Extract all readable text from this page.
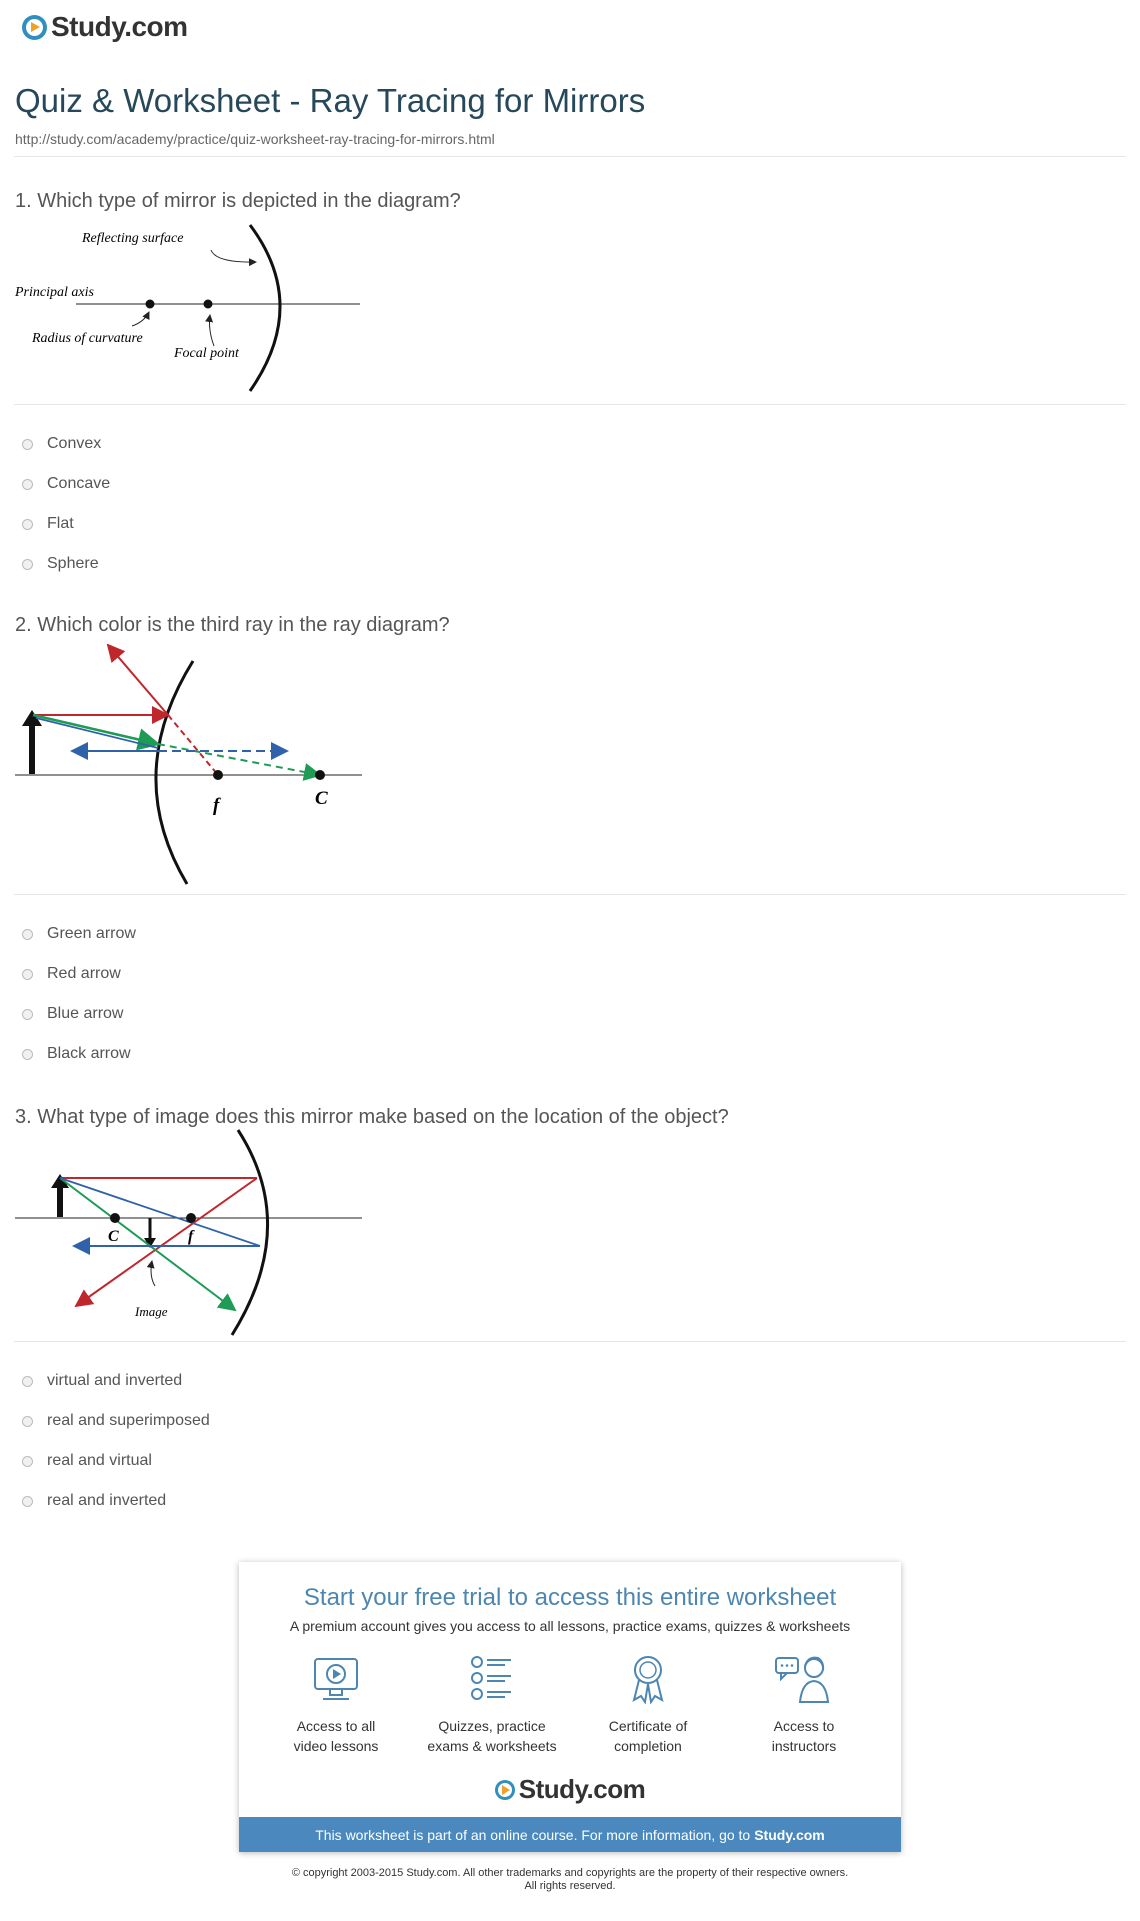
Study.com
Quiz & Worksheet - Ray Tracing for Mirrors
http://study.com/academy/practice/quiz-worksheet-ray-tracing-for-mirrors.html
1. Which type of mirror is depicted in the diagram?
Reflecting surface
Principal axis
Radius of curvature
Focal point
Convex
Concave
Flat
Sphere
2. Which color is the third ray in the ray diagram?
f	C
Green arrow
Red arrow
Blue arrow
Black arrow
3. What type of image does this mirror make based on the location of the object?
C	f
Image
virtual and inverted
real and superimposed
real and virtual
real and inverted
Start your free trial to access this entire worksheet
A premium account gives you access to all lessons, practice exams, quizzes & worksheets
Access to all
video lessons
Quizzes, practice
exams & worksheets
Certificate of
completion
Access to
instructors
Study.com
This worksheet is part of an online course. For more information, go to Study.com
© copyright 2003-2015 Study.com. All other trademarks and copyrights are the property of their respective owners.
All rights reserved.
